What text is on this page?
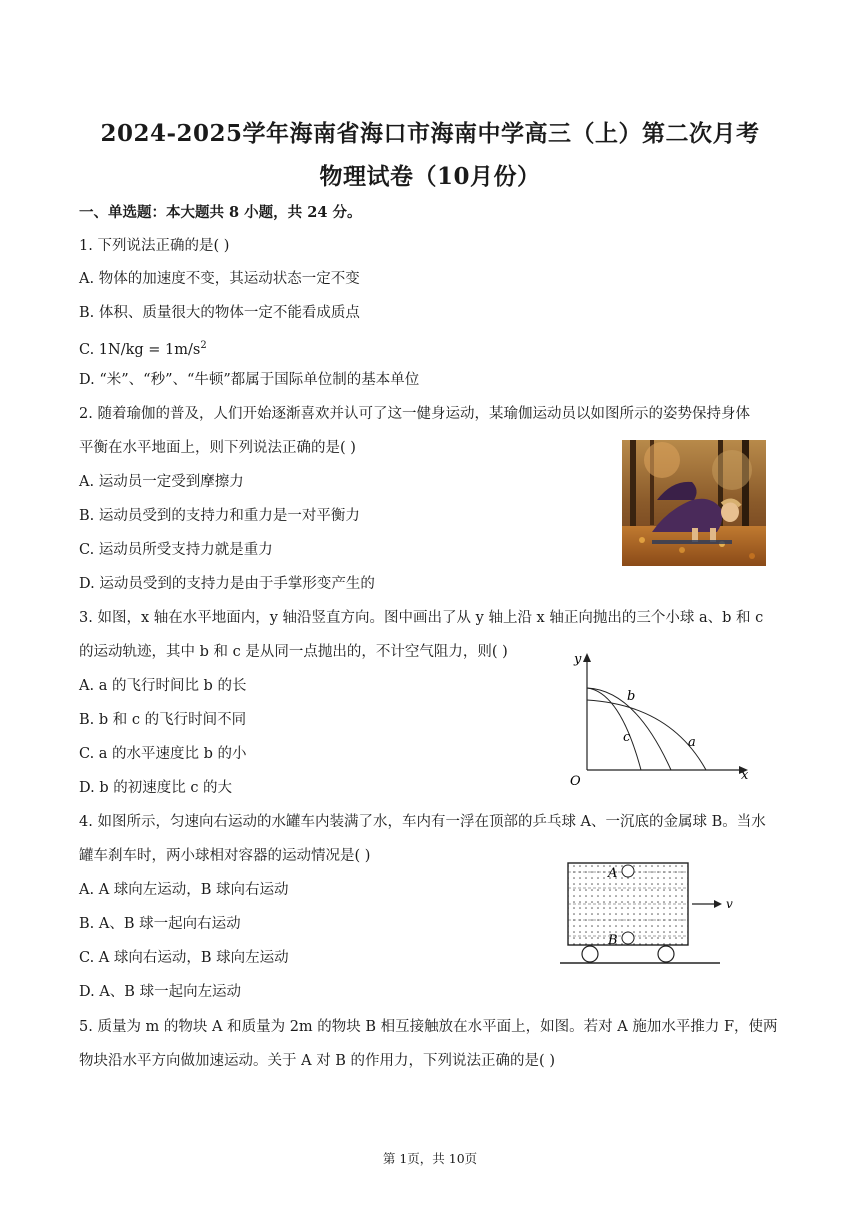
2024-2025学年海南省海口市海南中学高三（上）第二次月考
物理试卷（10月份）
一、单选题：本大题共 8 小题，共 24 分。
1. 下列说法正确的是( )
A. 物体的加速度不变，其运动状态一定不变
B. 体积、质量很大的物体一定不能看成质点
C. $1N/kg = 1m/s^2$
D. “米”、“秒”、“牛顿”都属于国际单位制的基本单位
2. 随着瑜伽的普及，人们开始逐渐喜欢并认可了这一健身运动，某瑜伽运动员以如图所示的姿势保持身体
平衡在水平地面上，则下列说法正确的是( )
A. 运动员一定受到摩擦力
B. 运动员受到的支持力和重力是一对平衡力
C. 运动员所受支持力就是重力
D. 运动员受到的支持力是由于手掌形变产生的
3. 如图，x 轴在水平地面内，y 轴沿竖直方向。图中画出了从 y 轴上沿 x 轴正向抛出的三个小球 a、b 和 c
的运动轨迹，其中 b 和 c 是从同一点抛出的，不计空气阻力，则( )
A. a 的飞行时间比 b 的长
B. b 和 c 的飞行时间不同
C. a 的水平速度比 b 的小
D. b 的初速度比 c 的大
y
x
O
b
c	a
4. 如图所示，匀速向右运动的水罐车内装满了水，车内有一浮在顶部的乒乓球 A、一沉底的金属球 B。当水
罐车刹车时，两小球相对容器的运动情况是( )
A. A 球向左运动，B 球向右运动
B. A、B 球一起向右运动
C. A 球向右运动，B 球向左运动
D. A、B 球一起向左运动
A
B
v
5. 质量为 m 的物块 A 和质量为 2m 的物块 B 相互接触放在水平面上，如图。若对 A 施加水平推力 F，使两
物块沿水平方向做加速运动。关于 A 对 B 的作用力，下列说法正确的是( )
第 1页，共 10页
